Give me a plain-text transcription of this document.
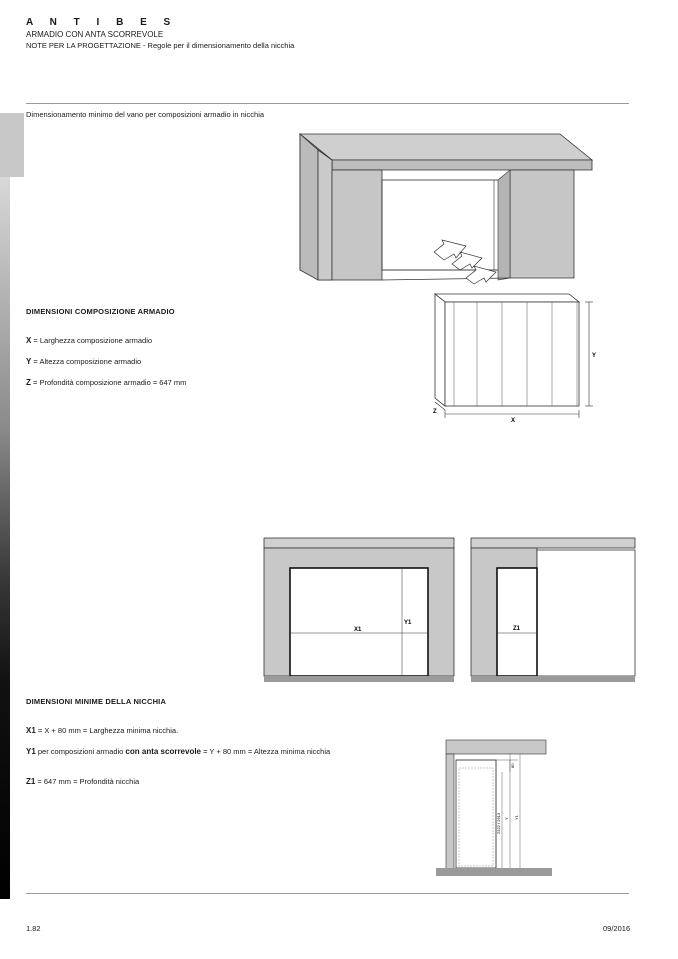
A N T I B E S
ARMADIO CON ANTA SCORREVOLE
NOTE PER LA PROGETTAZIONE - Regole per il dimensionamento della nicchia
Dimensionamento minimo del vano per composizioni armadio in nicchia
DIMENSIONI COMPOSIZIONE ARMADIO
X = Larghezza composizione armadio
Y = Altezza composizione armadio
Z = Profondità composizione armadio = 647 mm
Y
X
Z
X1
Y1
Z1
DIMENSIONI MINIME DELLA NICCHIA
X1 = X + 80 mm = Larghezza minima nicchia.
Y1 per composizioni armadio con anta scorrevole = Y + 80 mm = Altezza minima nicchia
Z1 = 647 mm = Profondità nicchia
80
2322 / 2613 Y Y1
1.82	09/2016
